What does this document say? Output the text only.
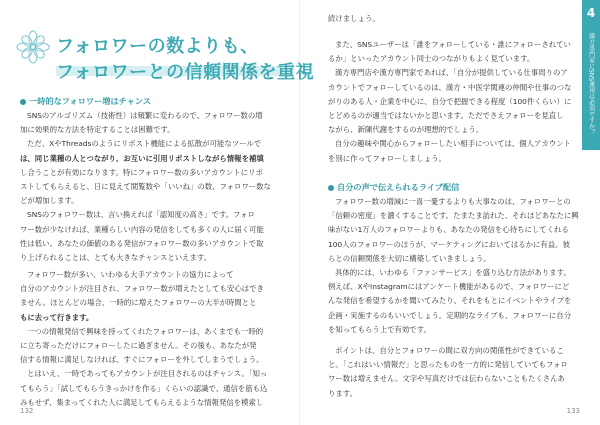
フォロワーの数よりも、
フォロワーとの信頼関係を重視
一時的なフォロワー増はチャンス
SNSのアルゴリズム（技術性）は頻繁に変わるので、フォロワー数の増
加に効果的な方法を特定することは困難です。
ただ、XやThreadsのようにリポスト機能による拡散が可能なツールで
は、同じ業種の人とつながり、お互いに引用リポストしながら情報を補填
し合うことが有効になります。特にフォロワー数の多いアカウントにリポ
ストしてもらえると、日に見えて閲覧数や「いいね」の数、フォロワー数な
どが増加します。
SNSのフォロワー数は、言い換えれば「認知度の高さ」です。フォロ
ワー数が少なければ、業種らしい内容の発信をしても多くの人に届く可能
性は低い。あなたの価値のある発信がフォロワー数の多いアカウントで取
り上げられることは、とても大きなチャンスといえます。
フォロワー数が多い、いわゆる大手アカウントの協力によって
自分のアカウントが注目され、フォロワー数が増えたとしても安心はでき
ません。ほとんどの場合、一時的に増えたフォロワーの大半が時間とと
もに去って行きます。
一つの情報発信で興味を持ってくれたフォロワーは、あくまでも一時的
に立ち寄っただけにフォローしたに過ぎません。その後も、あなたが発
信する情報に満足しなければ、すぐにフォローを外してしまうでしょう。
とはいえ、一時であってもアカウントが注目されるのはチャンス。「知っ
てもらう」「試してもらうきっかけを作る」くらいの認識で、通信を筋も込
みもせず、集まってくれた人に満足してもらえるような情報発信を模索し
132
4
漢方専門家にSNS運用は必須ですか？
続けましょう。
また、SNSユーザーは「誰をフォローしている・誰にフォローされてい
るか」といったアカウント同士のつながりもよく見ています。
漢方専門店や漢方専門家であれば、「自分が提供している仕事周りのア
カウントでフォローしているのは、漢方・中医学関連の仲間や仕事のつな
がりのある人・企業を中心に、自分で把握できる程度（100件くらい）に
とどめるのが適当ではないかと思います。ただでさえフォローを見直し
ながら、新陳代謝をするのが理想的でしょう。
自分の趣味や関心からフォローしたい相手については、個人アカウント
を別に作ってフォローしましょう。
自分の声で伝えられるライブ配信
フォロワー数の増減に一喜一憂するよりも大事なのは、フォロワーとの
「信頼の密度」を濃くすることです。たまたま訪れた、それほどあなたに興
味がない1万人のフォロワーよりも、あなたの発信を心待ちにしてくれる
100人のフォロワーのほうが、マーケティングにおいてはるかに有益。彼
らとの信頼関係を大切に構築していきましょう。
具体的には、いわゆる「ファンサービス」を盛り込む方法があります。
例えば、XやInstagramにはアンケート機能があるので、フォロワーにど
んな発信を希望するかを聞いてみたり、それをもとにイベントやライブを
企画・実施するのもいいでしょう。定期的なライブも、フォロワーに自分
を知ってもらう上で有効です。
ポイントは、自分とフォロワーの間に双方向の関係性ができているこ
と。「これはいい情報だ」と思ったものを一方的に発信していてもフォロ
ワー数は増えません。文字や写真だけでは伝わらないこともたくさんあ
ります。
133
